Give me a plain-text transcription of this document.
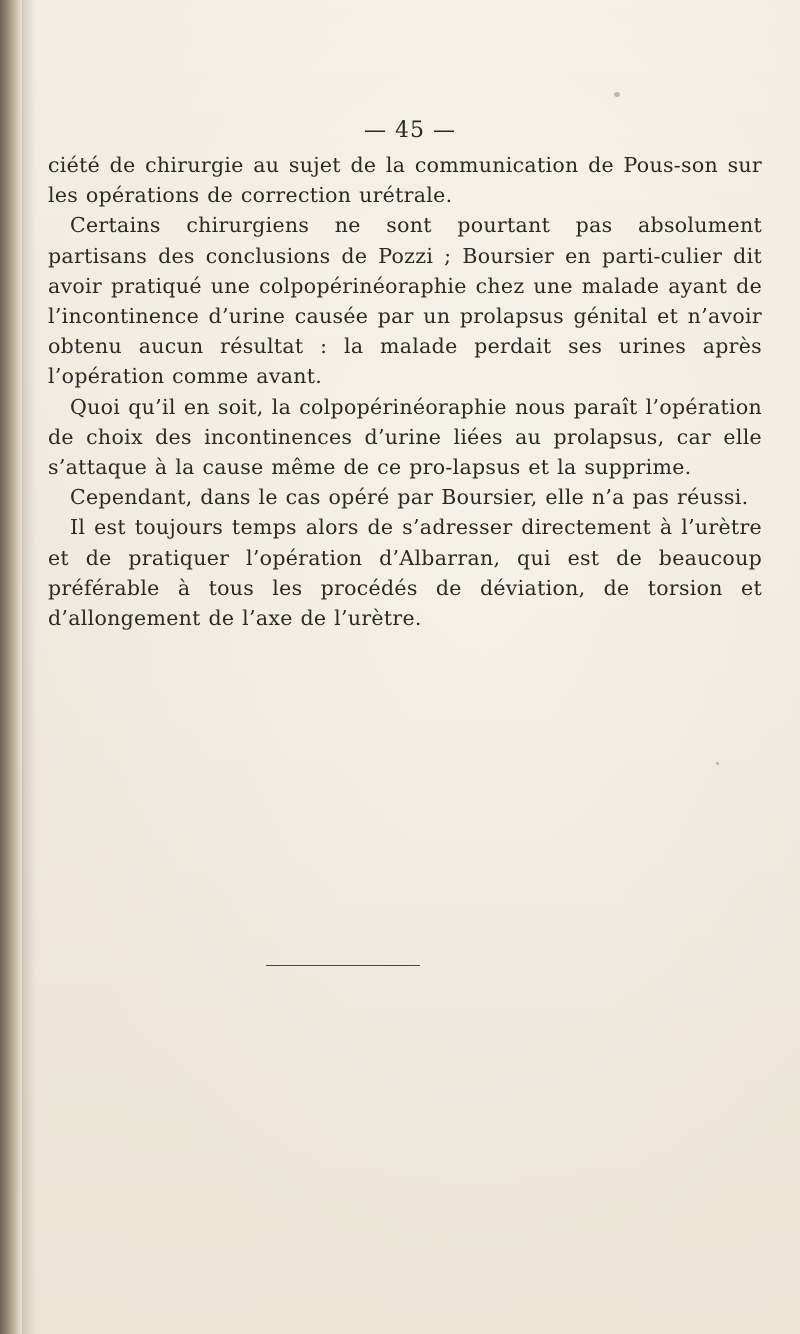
— 45 —

ciété de chirurgie au sujet de la communication de Pous-son sur les opérations de correction urétrale.

Certains chirurgiens ne sont pourtant pas absolument partisans des conclusions de Pozzi ; Boursier en parti-culier dit avoir pratiqué une colpopérinéoraphie chez une malade ayant de l’incontinence d’urine causée par un prolapsus génital et n’avoir obtenu aucun résultat : la malade perdait ses urines après l’opération comme avant.

Quoi qu’il en soit, la colpopérinéoraphie nous paraît l’opération de choix des incontinences d’urine liées au prolapsus, car elle s’attaque à la cause même de ce pro-lapsus et la supprime.

Cependant, dans le cas opéré par Boursier, elle n’a pas réussi.

Il est toujours temps alors de s’adresser directement à l’urètre et de pratiquer l’opération d’Albarran, qui est de beaucoup préférable à tous les procédés de déviation, de torsion et d’allongement de l’axe de l’urètre.
